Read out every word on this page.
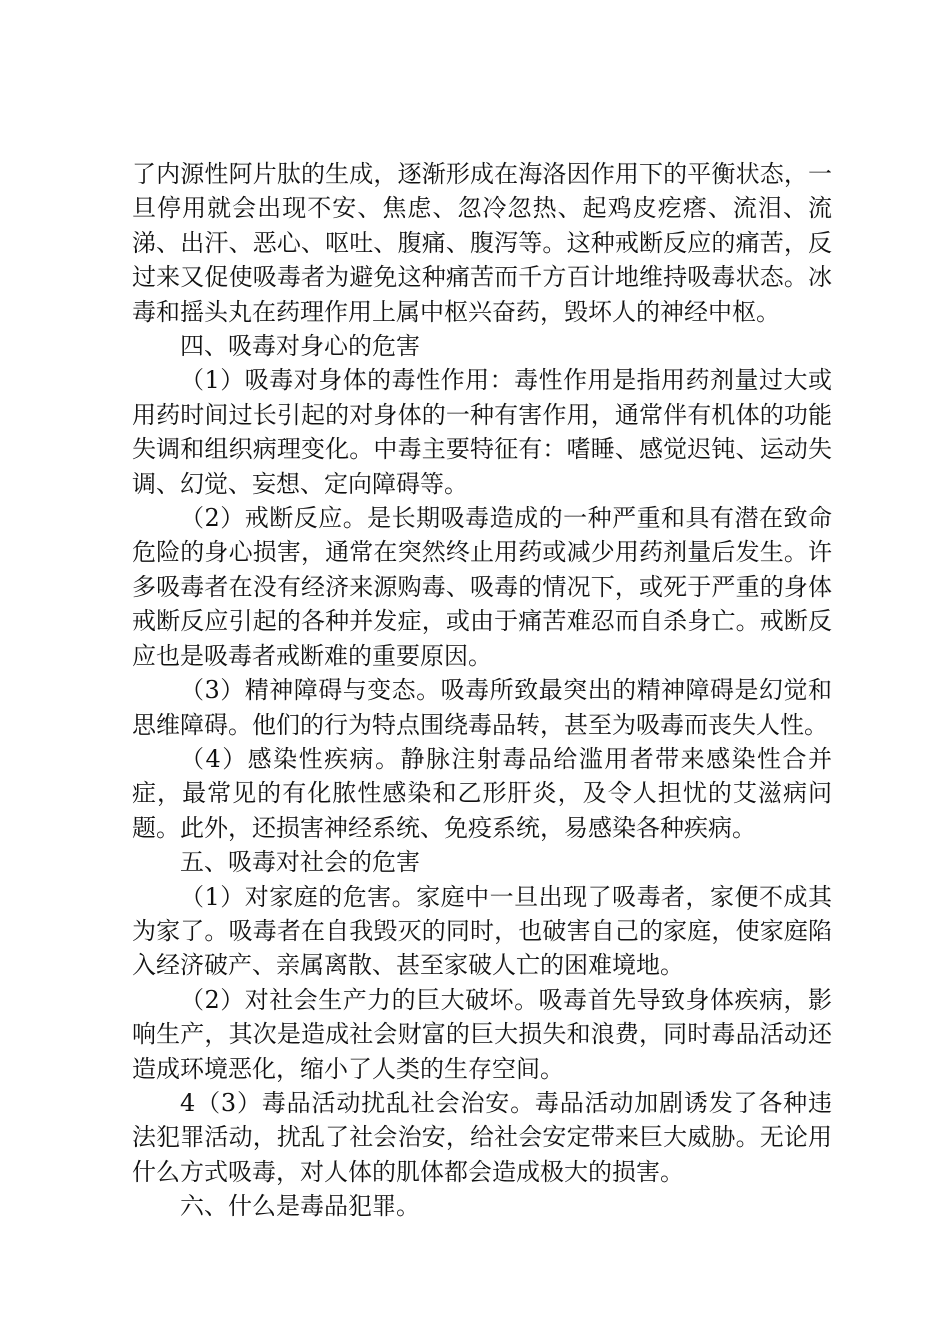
了内源性阿片肽的生成，逐渐形成在海洛因作用下的平衡状态，一旦停用就会出现不安、焦虑、忽冷忽热、起鸡皮疙瘩、流泪、流涕、出汗、恶心、呕吐、腹痛、腹泻等。这种戒断反应的痛苦，反过来又促使吸毒者为避免这种痛苦而千方百计地维持吸毒状态。冰毒和摇头丸在药理作用上属中枢兴奋药，毁坏人的神经中枢。

四、吸毒对身心的危害

（1）吸毒对身体的毒性作用：毒性作用是指用药剂量过大或用药时间过长引起的对身体的一种有害作用，通常伴有机体的功能失调和组织病理变化。中毒主要特征有：嗜睡、感觉迟钝、运动失调、幻觉、妄想、定向障碍等。

（2）戒断反应。是长期吸毒造成的一种严重和具有潜在致命危险的身心损害，通常在突然终止用药或减少用药剂量后发生。许多吸毒者在没有经济来源购毒、吸毒的情况下，或死于严重的身体戒断反应引起的各种并发症，或由于痛苦难忍而自杀身亡。戒断反应也是吸毒者戒断难的重要原因。

（3）精神障碍与变态。吸毒所致最突出的精神障碍是幻觉和思维障碍。他们的行为特点围绕毒品转，甚至为吸毒而丧失人性。

（4）感染性疾病。静脉注射毒品给滥用者带来感染性合并症，最常见的有化脓性感染和乙形肝炎，及令人担忧的艾滋病问题。此外，还损害神经系统、免疫系统，易感染各种疾病。

五、吸毒对社会的危害

（1）对家庭的危害。家庭中一旦出现了吸毒者，家便不成其为家了。吸毒者在自我毁灭的同时，也破害自己的家庭，使家庭陷入经济破产、亲属离散、甚至家破人亡的困难境地。

（2）对社会生产力的巨大破坏。吸毒首先导致身体疾病，影响生产，其次是造成社会财富的巨大损失和浪费，同时毒品活动还造成环境恶化，缩小了人类的生存空间。

4（3）毒品活动扰乱社会治安。毒品活动加剧诱发了各种违法犯罪活动，扰乱了社会治安，给社会安定带来巨大威胁。无论用什么方式吸毒，对人体的肌体都会造成极大的损害。

六、什么是毒品犯罪。
